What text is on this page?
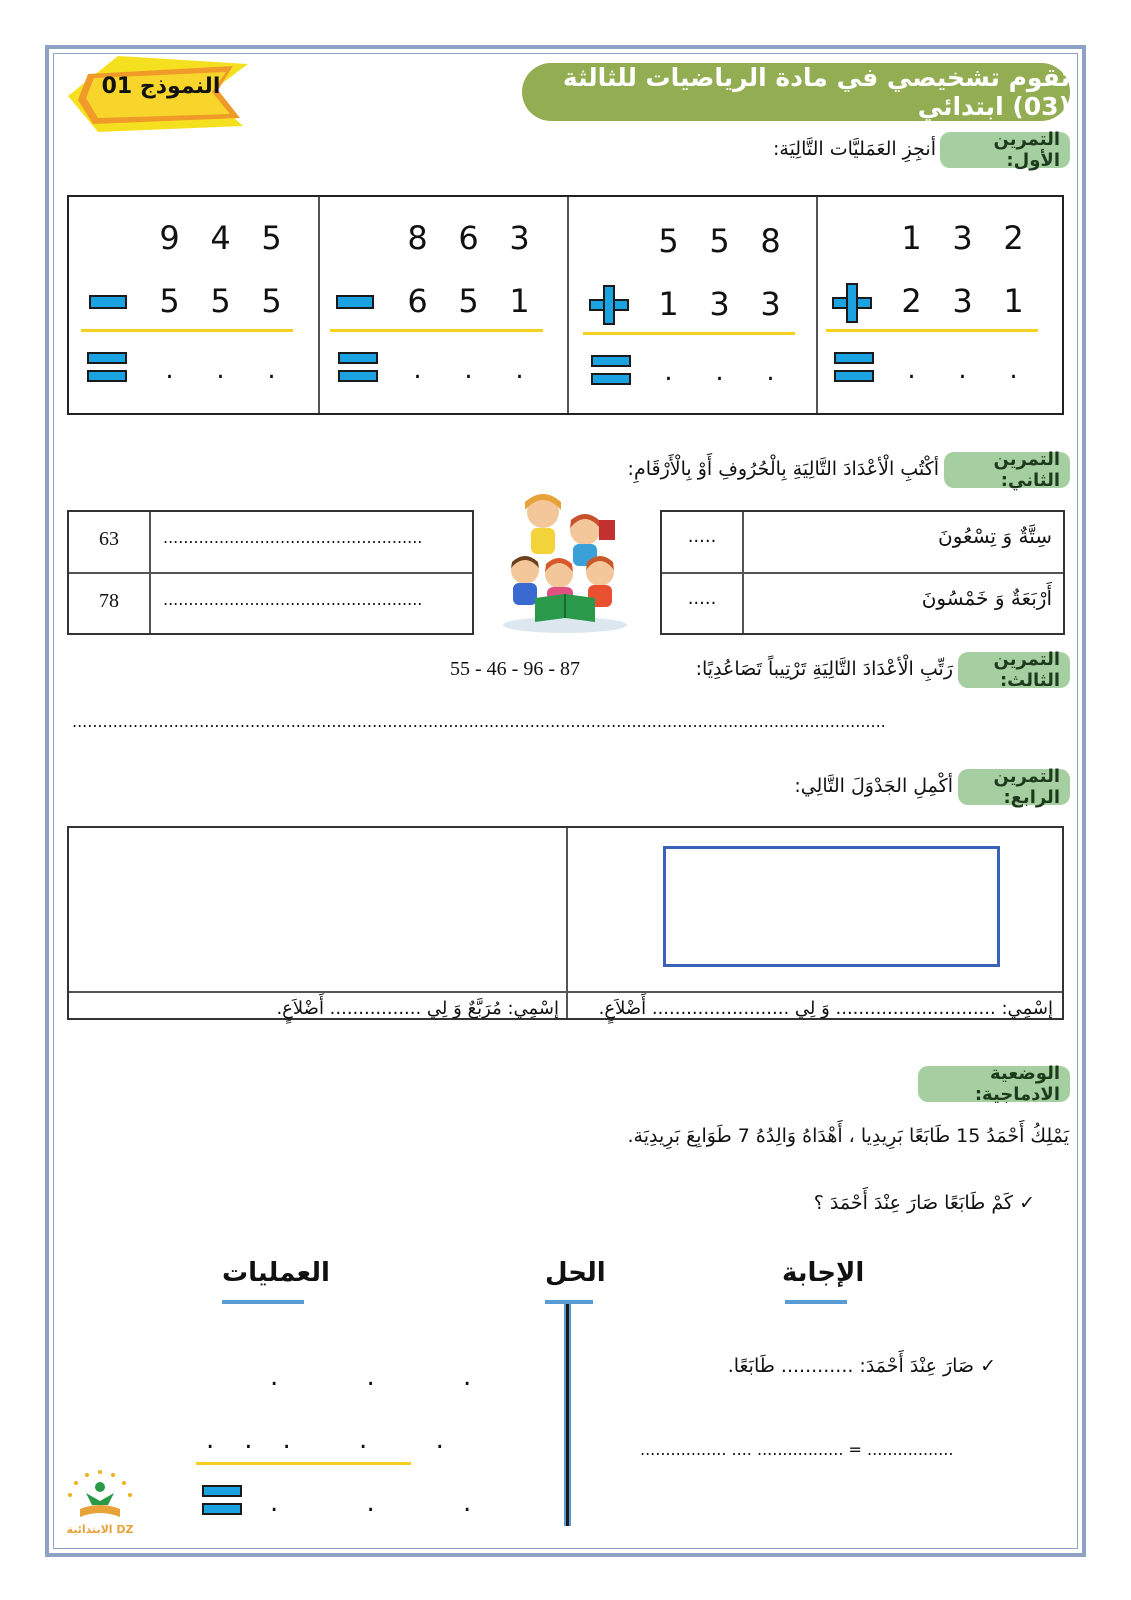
تقوم تشخيصي في مادة الرياضيات للثالثة (03) ابتدائي
النموذج 01
التمرين الأول:
أنجِزِ العَمَليَّات التَّالِيَة:
9 4 5
5 5 5
.	.	.
8 6 3
6 5 1
.	.	.
5 5 8
1 3 3
.	.	.
1 3 2
2 3 1
.	.	.
التمرين الثاني:
أكْتُبِ الْأعْدَادَ التَّالِيَةِ بِالْحُرُوفِ أَوْ بِالْأَرْقَامِ:
سِتَّةٌ وَ تِسْعُونَ
.....
أَرْبَعَةٌ وَ خَمْسُونَ
.....
63	...................................................
78	...................................................
التمرين الثالث:
رَتِّبِ الْأعْدَادَ التَّالِيَةِ تَرْتِيباً تَصَاعُدِيًا:
87 - 96 - 46 - 55
................................................................................................................................................................
التمرين الرابع:
أكْمِلِ الجَدْوَلَ التَّالِي:
إسْمِي: ............................ وَ لِي ........................ أَضْلاَعٍ.
إسْمِي: مُرَبَّعٌ وَ لِي ................ أَضْلاَعٍ.
الوضعية الادماجية:
يَمْلِكُ أَحْمَدُ 15 طَابَعًا بَرِيدِيا ، أَهْدَاهُ وَالِدُهُ 7 طَوَابِعَ بَرِيدِيَة.
✓ كَمْ طَابَعًا صَارَ عِنْدَ أَحْمَدَ ؟
الإجابة
الحل
العمليات
✓ صَارَ عِنْدَ أَحْمَدَ: ............ طَابَعًا.
................. = ................. .... .................
. . .
... . .
. . .
DZ الابتدائية
